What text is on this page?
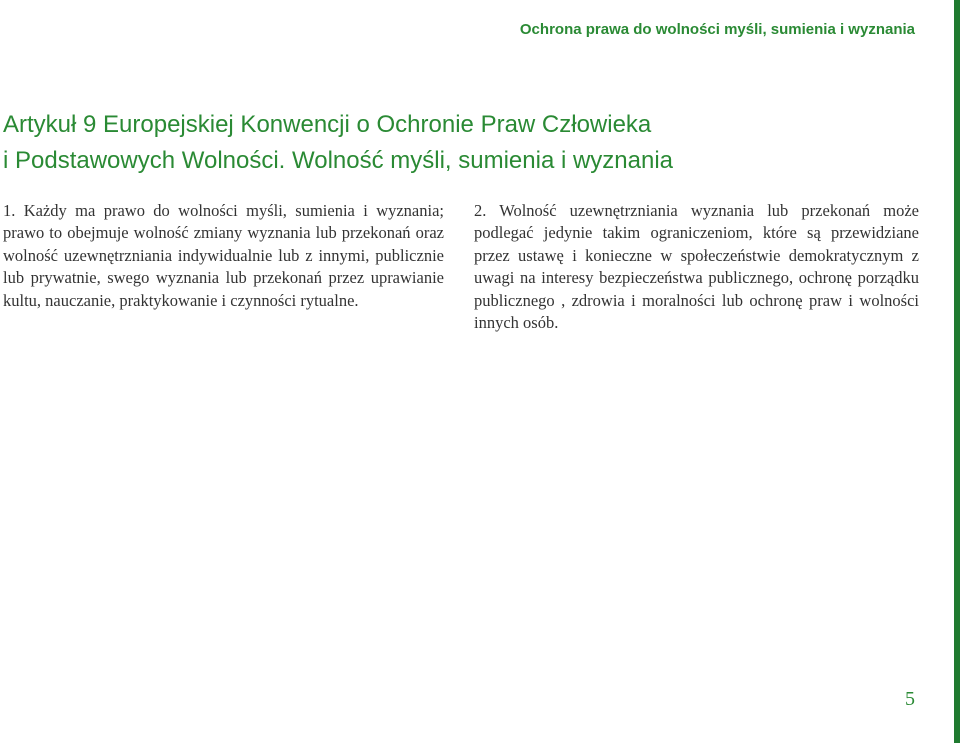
Ochrona prawa do wolności myśli, sumienia i wyznania
Artykuł 9 Europejskiej Konwencji o Ochronie Praw Człowieka
i Podstawowych Wolności. Wolność myśli, sumienia i wyznania
1. Każdy ma prawo do wolności myśli, sumienia i wyznania; prawo to obejmuje wolność zmiany wyznania lub przekonań oraz wolność uzewnętrzniania indywidualnie lub z innymi, publicznie lub prywatnie, swego wyznania lub przekonań przez uprawianie kultu, nauczanie, praktykowanie i czynności rytualne.
2. Wolność uzewnętrzniania wyznania lub przekonań może podlegać jedynie takim ograniczeniom, które są przewidziane przez ustawę i konieczne w społeczeństwie demokratycznym z uwagi na interesy bezpieczeństwa publicznego, ochronę porządku publicznego , zdrowia i moralności lub ochronę praw i wolności innych osób.
5
